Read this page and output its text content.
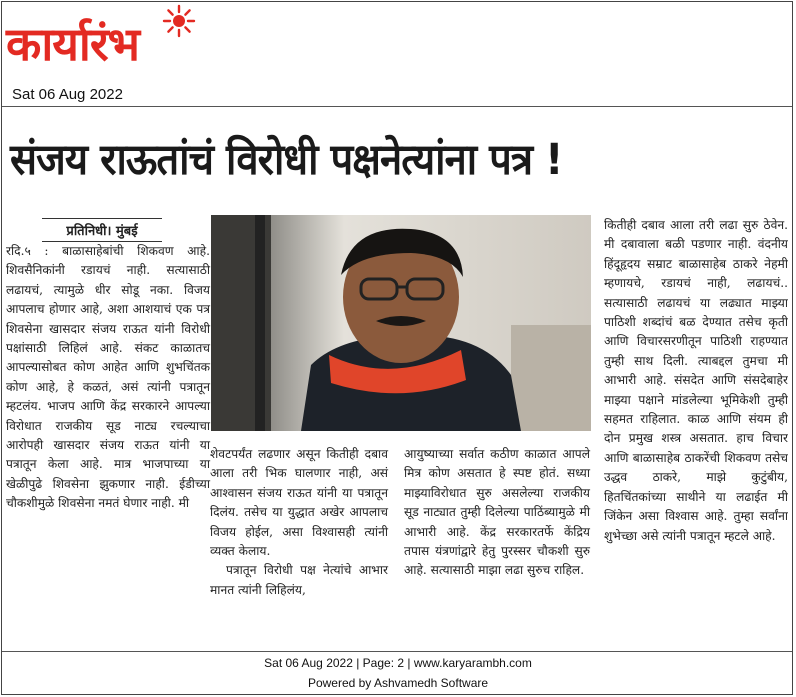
कार्यारंभ
Sat 06 Aug 2022
संजय राऊतांचं विरोधी पक्षनेत्यांना पत्र !
प्रतिनिधी। मुंबई

रदि.५ : बाळासाहेबांची शिकवण आहे. शिवसैनिकांनी रडायचं नाही. सत्यासाठी लढायचं, त्यामुळे धीर सोडू नका. विजय आपलाच होणार आहे, अशा आशयाचं एक पत्र शिवसेना खासदार संजय राऊत यांनी विरोधी पक्षांसाठी लिहिलं आहे. संकट काळातच आपल्यासोबत कोण आहेत आणि शुभचिंतक कोण आहे, हे कळतं, असं त्यांनी पत्रातून म्हटलंय. भाजप आणि केंद्र सरकारने आपल्या विरोधात राजकीय सूड नाट्य रचल्याचा आरोपही खासदार संजय राऊत यांनी या पत्रातून केला आहे. मात्र भाजपाच्या या खेळीपुढे शिवसेना झुकणार नाही. ईडीच्या चौकशीमुळे शिवसेना नमतं घेणार नाही. मी

शेवटपर्यंत लढणार असून कितीही दबाव आला तरी भिक घालणार नाही, असं आश्वासन संजय राऊत यांनी या पत्रातून दिलंय. तसेच या युद्धात अखेर आपलाच विजय होईल, असा विश्वासही त्यांनी व्यक्त केलाय.

पत्रातून विरोधी पक्ष नेत्यांचे आभार मानत त्यांनी लिहिलंय,

आयुष्याच्या सर्वात कठीण काळात आपले मित्र कोण असतात हे स्पष्ट होतं. सध्या माझ्याविरोधात सुरु असलेल्या राजकीय सूड नाट्यात तुम्ही दिलेल्या पाठिंब्यामुळे मी आभारी आहे. केंद्र सरकारतर्फे केंद्रिय तपास यंत्रणांद्वारे हेतु पुरस्सर चौकशी सुरु आहे. सत्यासाठी माझा लढा सुरुच राहिल.

कितीही दबाव आला तरी लढा सुरु ठेवेन. मी दबावाला बळी पडणार नाही. वंदनीय हिंदूहृदय सम्राट बाळासाहेब ठाकरे नेहमी म्हणायचे, रडायचं नाही, लढायचं.. सत्यासाठी लढायचं या लढ्यात माझ्या पाठिशी शब्दांचं बळ देण्यात तसेच कृती आणि विचारसरणीतून पाठिशी राहण्यात तुम्ही साथ दिली. त्याबद्दल तुमचा मी आभारी आहे. संसदेत आणि संसदेबाहेर माझ्या पक्षाने मांडलेल्या भूमिकेशी तुम्ही सहमत राहिलात. काळ आणि संयम ही दोन प्रमुख शस्त्र असतात. हाच विचार आणि बाळासाहेब ठाकरेंची शिकवण तसेच उद्धव ठाकरे, माझे कुटुंबीय, हितचिंतकांच्या साथीने या लढाईत मी जिंकेन असा विश्वास आहे. तुम्हा सर्वांना शुभेच्छा असे त्यांनी पत्रातून म्हटले आहे.

Sat 06 Aug 2022 | Page: 2 | www.karyarambh.com
Powered by Ashvamedh Software
